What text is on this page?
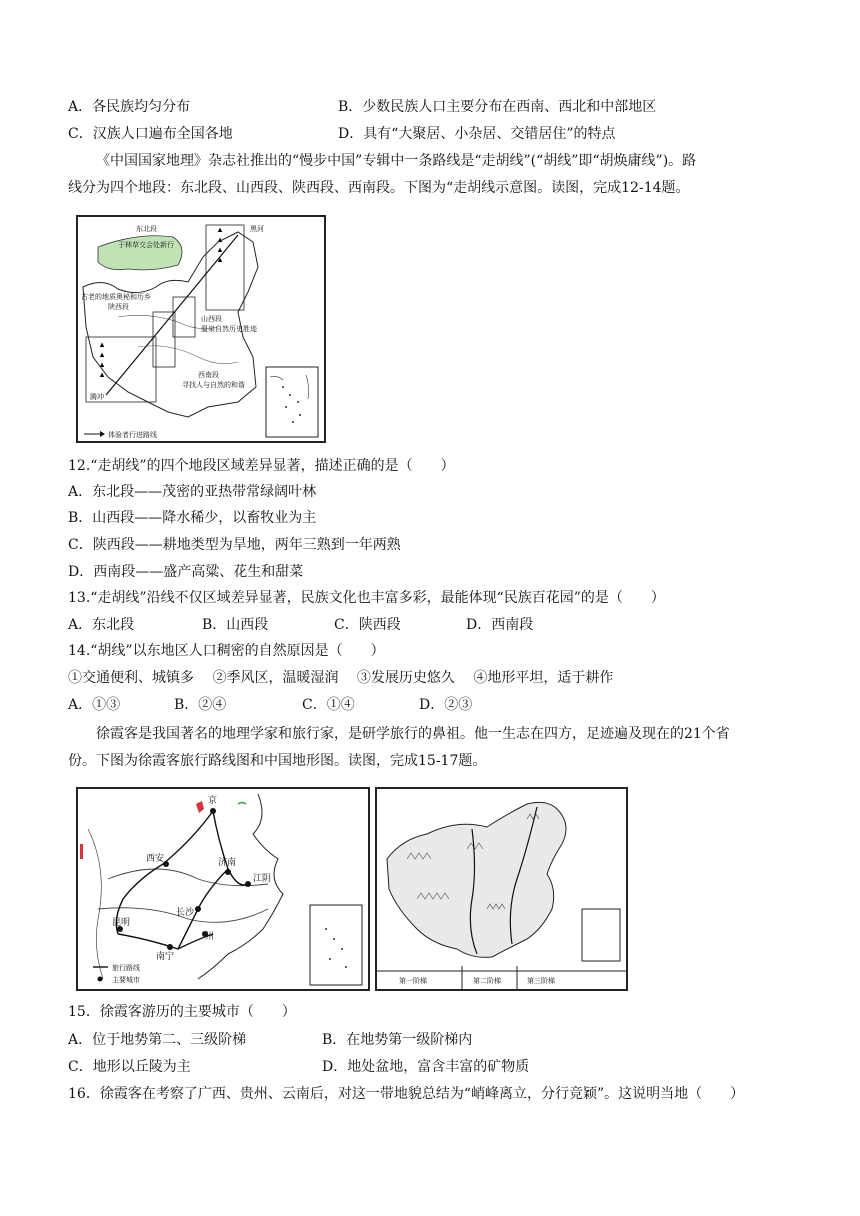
A．各民族均匀分布	B．少数民族人口主要分布在西南、西北和中部地区
C．汉族人口遍布全国各地	D．具有“大聚居、小杂居、交错居住”的特点
《中国国家地理》杂志社推出的“慢步中国”专辑中一条路线是“走胡线”(“胡线”即“胡焕庸线”)。路
线分为四个地段：东北段、山西段、陕西段、西南段。下图为“走胡线示意图。读图，完成12-14题。
东北段
于林草交会处新行
黑河
古老的地质奥秘和历乡
陕西段
山西段
温泉自然历史胜迹
西南段
寻找人与自然的和谐
腾冲
体验者行进路线
12.“走胡线”的四个地段区域差异显著，描述正确的是（　　）
A．东北段——茂密的亚热带常绿阔叶林
B．山西段——降水稀少，以畜牧业为主
C．陕西段——耕地类型为旱地，两年三熟到一年两熟
D．西南段——盛产高粱、花生和甜菜
13.“走胡线”沿线不仅区域差异显著，民族文化也丰富多彩，最能体现“民族百花园”的是（　　）
A．东北段	B．山西段	C．陕西段	D．西南段
14.“胡线”以东地区人口稠密的自然原因是（　　）
①交通便利、城镇多　 ②季风区，温暖湿润　 ③发展历史悠久　 ④地形平坦，适于耕作
A．①③	B．②④	C．①④	D．②③
徐霞客是我国著名的地理学家和旅行家，是研学旅行的鼻祖。他一生志在四方，足迹遍及现在的21个省
份。下图为徐霞客旅行路线图和中国地形图。读图，完成15-17题。
京
济南
西安
江阴
长沙
昆明
南宁
州
旅行路线
主要城市	第一阶梯	第二阶梯	第三阶梯
15．徐霞客游历的主要城市（　　）
A．位于地势第二、三级阶梯	B．在地势第一级阶梯内
C．地形以丘陵为主	D．地处盆地，富含丰富的矿物质
16．徐霞客在考察了广西、贵州、云南后，对这一带地貌总结为“峭峰离立，分行竞颖”。这说明当地（　　）
